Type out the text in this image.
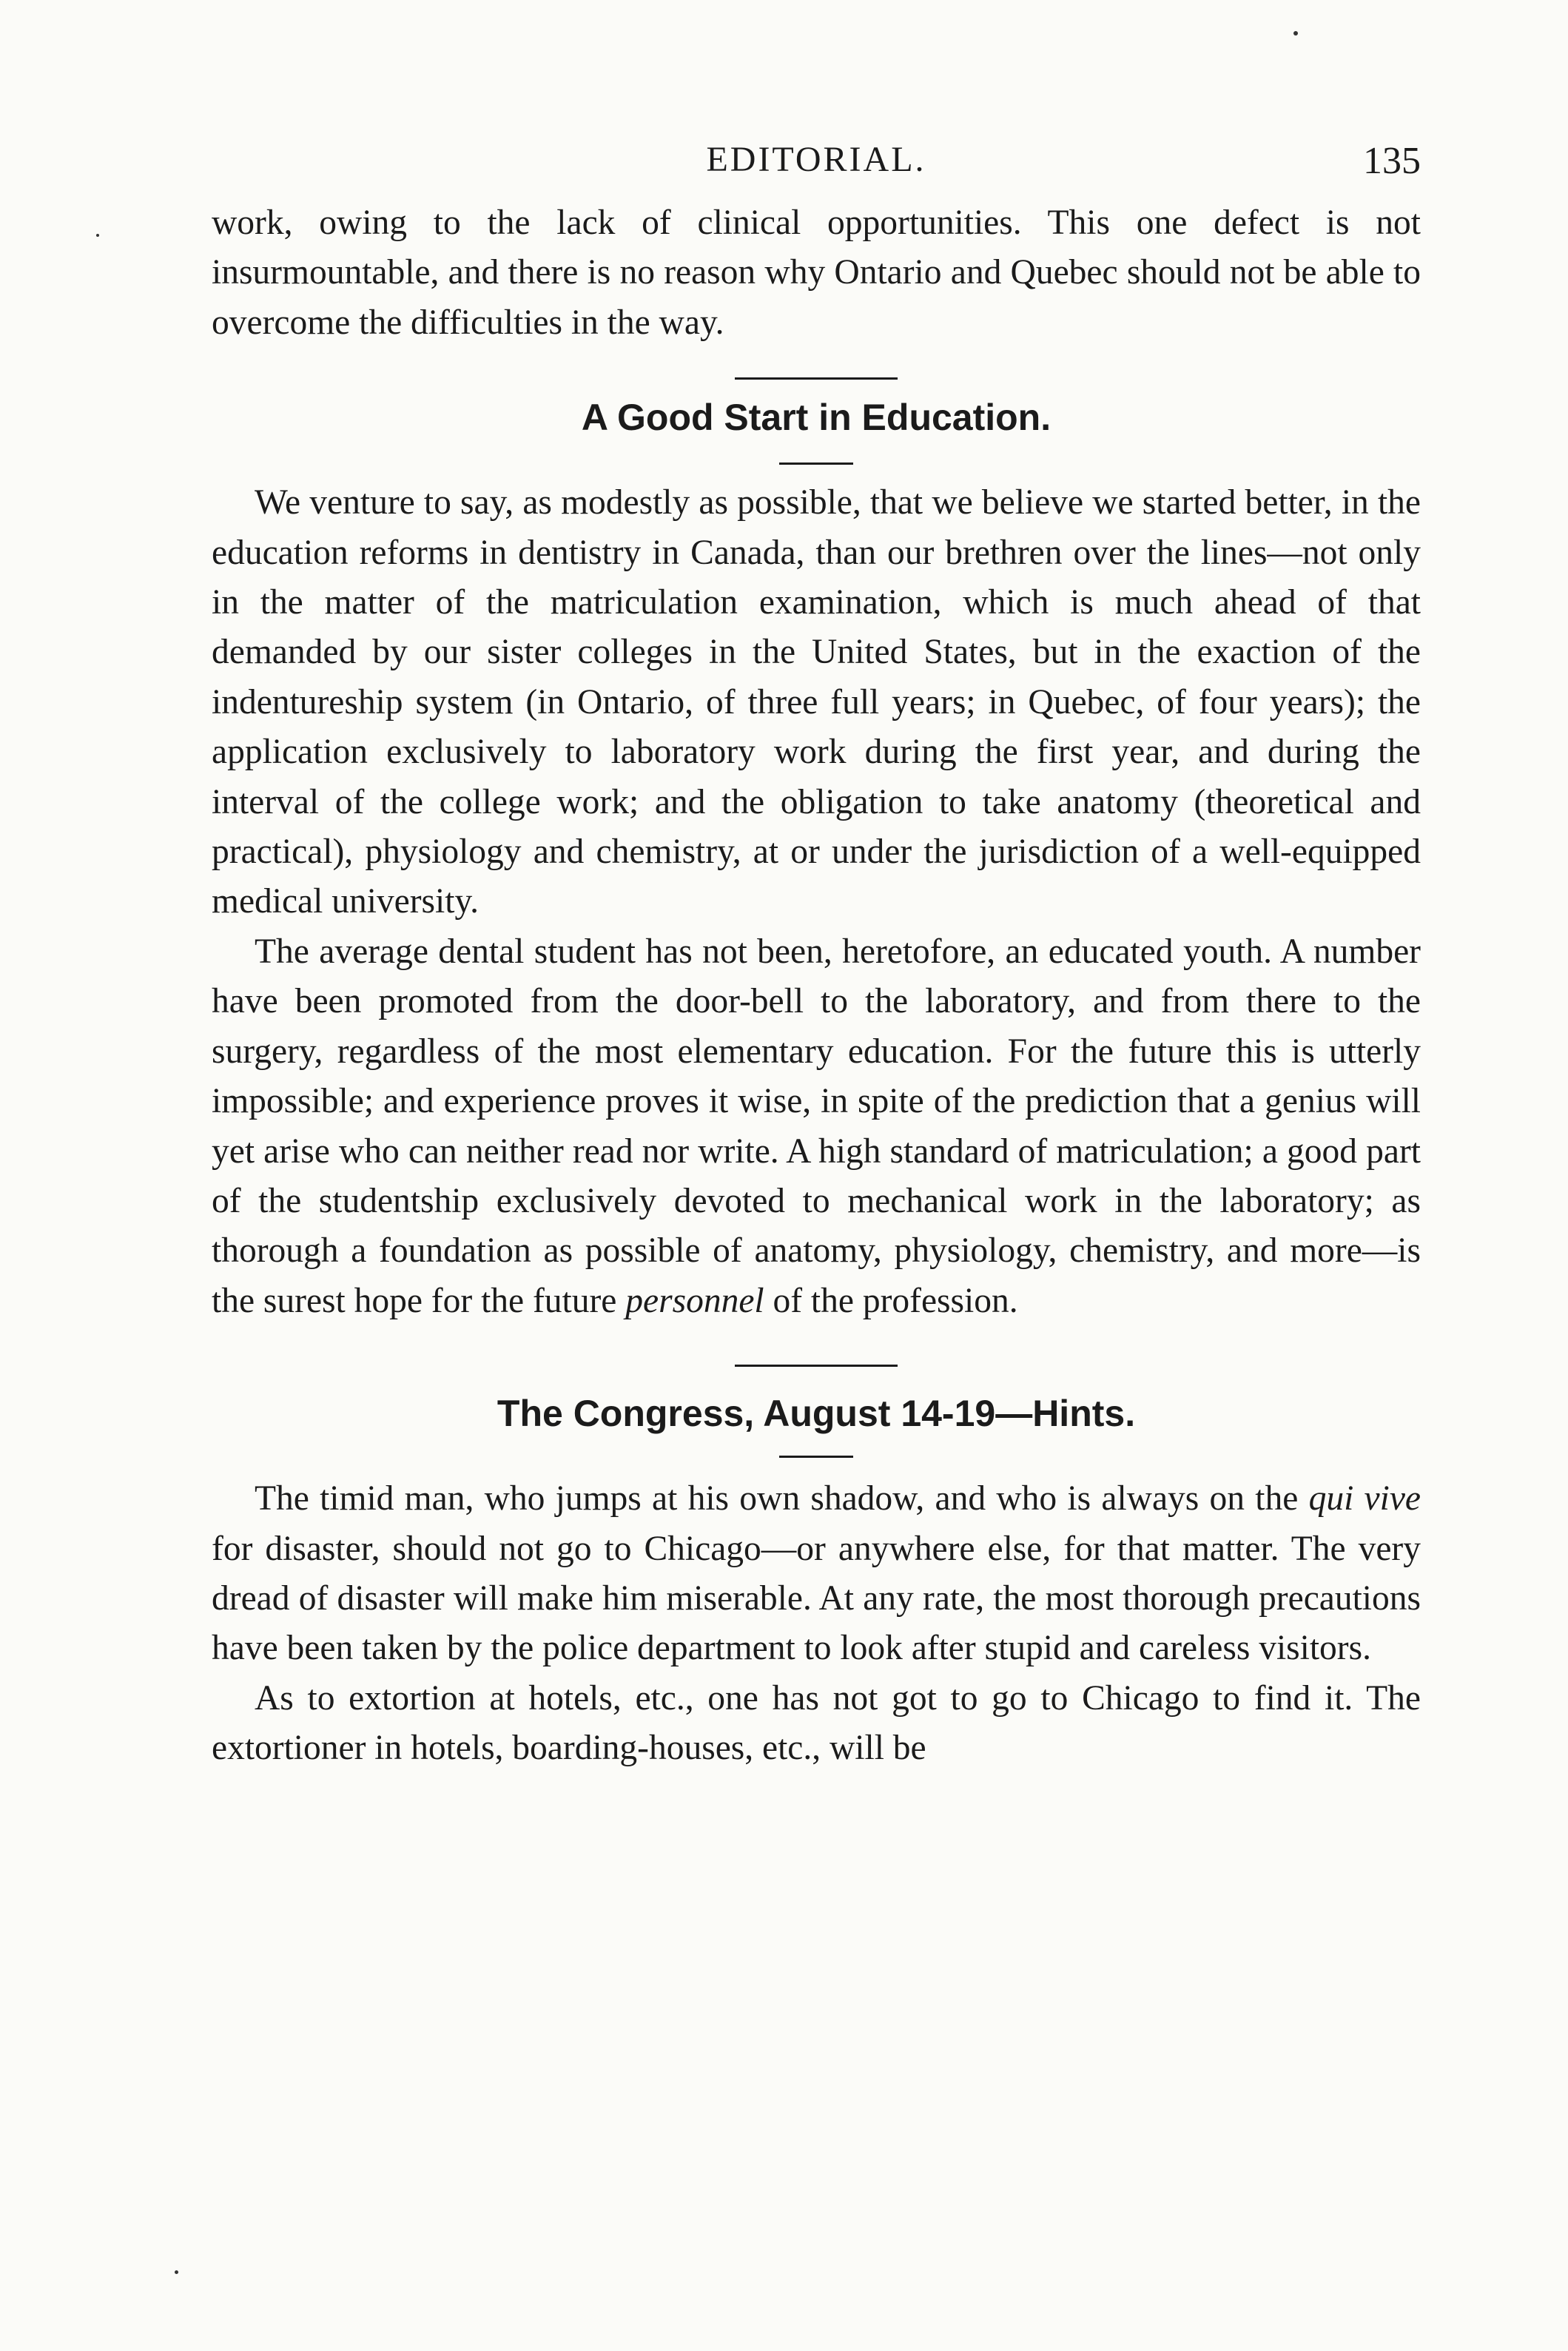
EDITORIAL.	135

work, owing to the lack of clinical opportunities. This one defect is not insurmountable, and there is no reason why Ontario and Quebec should not be able to overcome the difficulties in the way.

A Good Start in Education.

We venture to say, as modestly as possible, that we believe we started better, in the education reforms in dentistry in Canada, than our brethren over the lines—not only in the matter of the matriculation examination, which is much ahead of that demanded by our sister colleges in the United States, but in the exaction of the indentureship system (in Ontario, of three full years; in Quebec, of four years); the application exclusively to laboratory work during the first year, and during the interval of the college work; and the obligation to take anatomy (theoretical and practical), physiology and chemistry, at or under the jurisdiction of a well-equipped medical university.

The average dental student has not been, heretofore, an educated youth. A number have been promoted from the door-bell to the laboratory, and from there to the surgery, regardless of the most elementary education. For the future this is utterly impossible; and experience proves it wise, in spite of the prediction that a genius will yet arise who can neither read nor write. A high standard of matriculation; a good part of the studentship exclusively devoted to mechanical work in the laboratory; as thorough a foundation as possible of anatomy, physiology, chemistry, and more—is the surest hope for the future personnel of the profession.

The Congress, August 14-19—Hints.

The timid man, who jumps at his own shadow, and who is always on the qui vive for disaster, should not go to Chicago—or anywhere else, for that matter. The very dread of disaster will make him miserable. At any rate, the most thorough precautions have been taken by the police department to look after stupid and careless visitors.

As to extortion at hotels, etc., one has not got to go to Chicago to find it. The extortioner in hotels, boarding-houses, etc., will be
